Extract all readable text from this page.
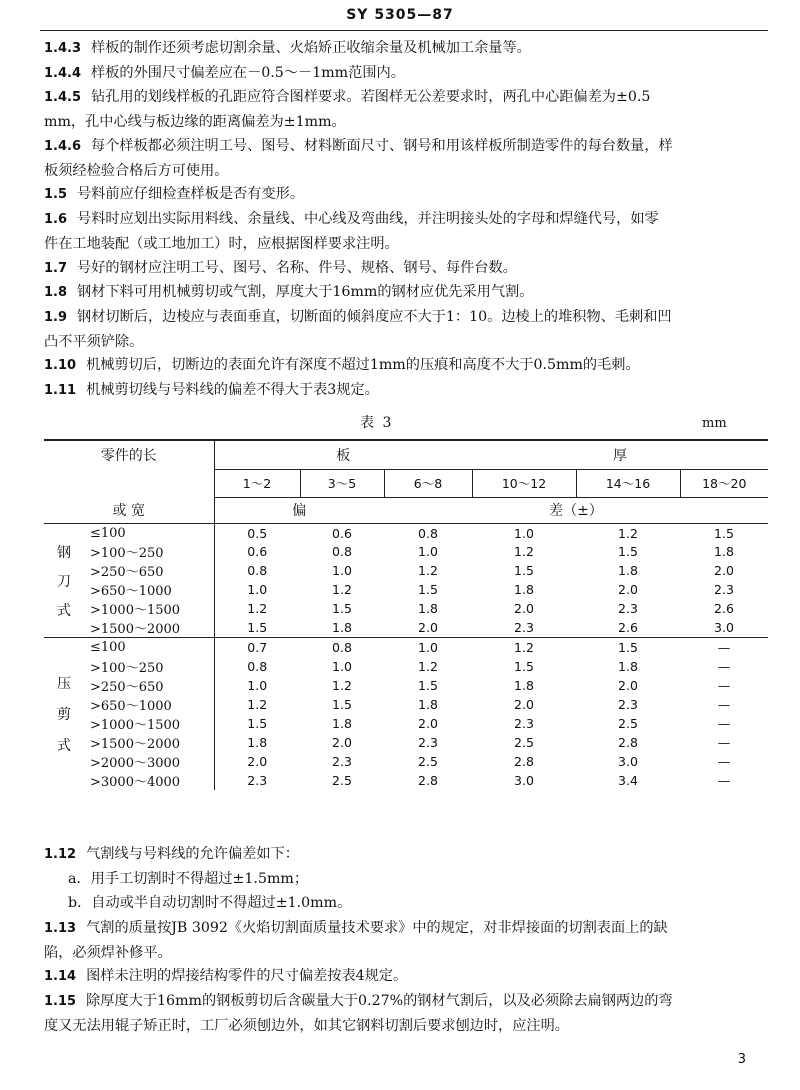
SY 5305—87
1.4.3 样板的制作还须考虑切割余量、火焰矫正收缩余量及机械加工余量等。
1.4.4 样板的外围尺寸偏差应在－0.5～－1mm范围内。
1.4.5 钻孔用的划线样板的孔距应符合图样要求。若图样无公差要求时，两孔中心距偏差为±0.5
mm，孔中心线与板边缘的距离偏差为±1mm。
1.4.6 每个样板都必须注明工号、图号、材料断面尺寸、钢号和用该样板所制造零件的每台数量，样
板须经检验合格后方可使用。
1.5 号料前应仔细检查样板是否有变形。
1.6 号料时应划出实际用料线、余量线、中心线及弯曲线，并注明接头处的字母和焊缝代号，如零
件在工地装配（或工地加工）时，应根据图样要求注明。
1.7 号好的钢材应注明工号、图号、名称、件号、规格、钢号、每件台数。
1.8 钢材下料可用机械剪切或气割，厚度大于16mm的钢材应优先采用气割。
1.9 钢材切断后，边棱应与表面垂直，切断面的倾斜度应不大于1：10。边棱上的堆积物、毛刺和凹
凸不平须铲除。
1.10 机械剪切后，切断边的表面允许有深度不超过1mm的压痕和高度不大于0.5mm的毛刺。
1.11 机械剪切线与号料线的偏差不得大于表3规定。
表 3	mm
零件的长		板			厚		
		1～2	3～5	6～8	10～12	14～16	18～20
或 宽		偏		差（±）			

钢
刀
式	≤100	0.5	0.6	0.8	1.0	1.2	1.5
	>100～250	0.6	0.8	1.0	1.2	1.5	1.8
	>250～650	0.8	1.0	1.2	1.5	1.8	2.0
	>650～1000	1.0	1.2	1.5	1.8	2.0	2.3
	>1000～1500	1.2	1.5	1.8	2.0	2.3	2.6
	>1500～2000	1.5	1.8	2.0	2.3	2.6	3.0

压
剪
式	≤100	0.7	0.8	1.0	1.2	1.5	—
	>100～250	0.8	1.0	1.2	1.5	1.8	—
	>250～650	1.0	1.2	1.5	1.8	2.0	—
	>650～1000	1.2	1.5	1.8	2.0	2.3	—
	>1000～1500	1.5	1.8	2.0	2.3	2.5	—
	>1500～2000	1.8	2.0	2.3	2.5	2.8	—
	>2000～3000	2.0	2.3	2.5	2.8	3.0	—
	>3000～4000	2.3	2.5	2.8	3.0	3.4	—
1.12 气割线与号料线的允许偏差如下：
a．用手工切割时不得超过±1.5mm；
b．自动或半自动切割时不得超过±1.0mm。
1.13 气割的质量按JB 3092《火焰切割面质量技术要求》中的规定，对非焊接面的切割表面上的缺
陷，必须焊补修平。
1.14 图样未注明的焊接结构零件的尺寸偏差按表4规定。
1.15 除厚度大于16mm的钢板剪切后含碳量大于0.27%的钢材气割后，以及必须除去扁钢两边的弯
度又无法用辊子矫正时，工厂必须刨边外，如其它钢料切割后要求刨边时，应注明。
3
